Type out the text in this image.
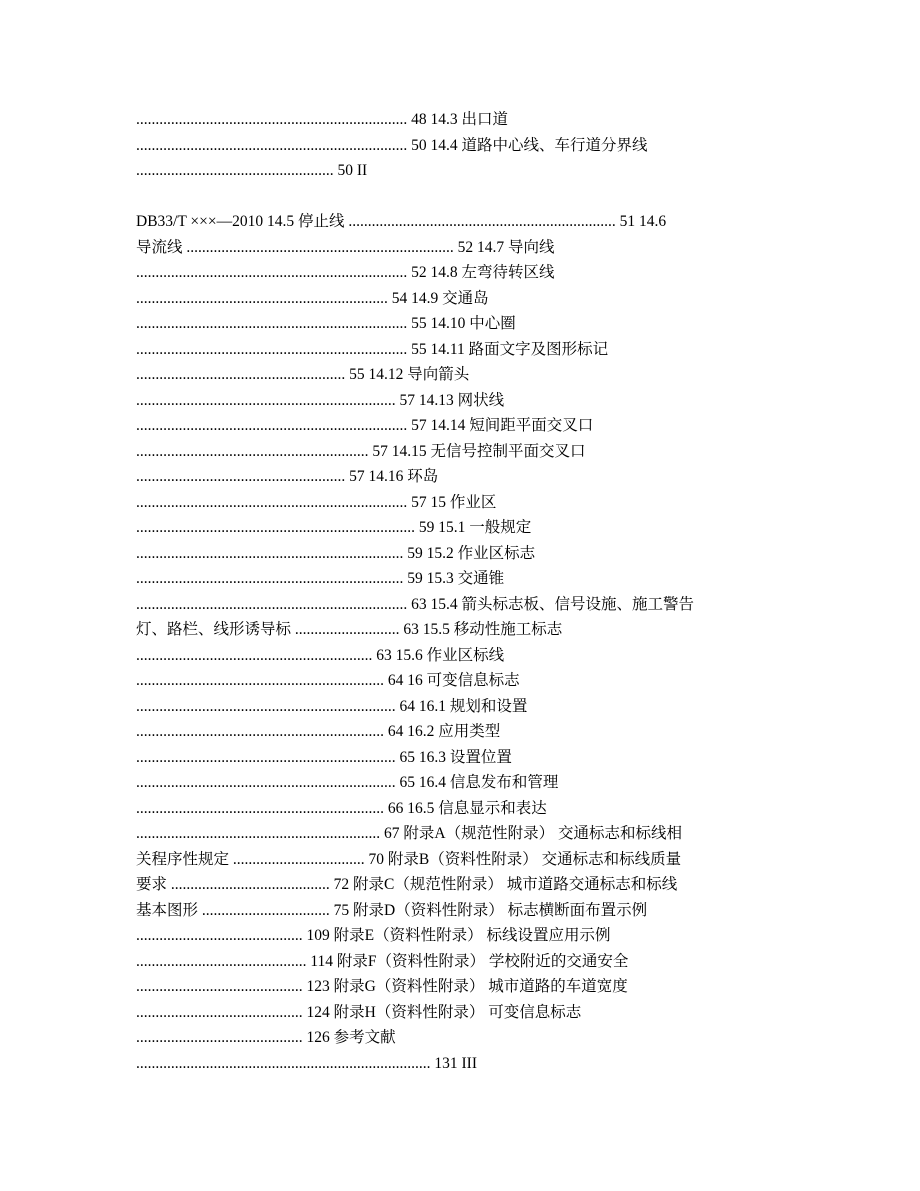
...................................................................... 48 14.3 出口道
...................................................................... 50 14.4 道路中心线、车行道分界线
................................................... 50 II
DB33/T ×××—2010 14.5 停止线 ..................................................................... 51 14.6
导流线 ..................................................................... 52 14.7 导向线
...................................................................... 52 14.8 左弯待转区线
................................................................. 54 14.9 交通岛
...................................................................... 55 14.10 中心圈
...................................................................... 55 14.11 路面文字及图形标记
...................................................... 55 14.12 导向箭头
................................................................... 57 14.13 网状线
...................................................................... 57 14.14 短间距平面交叉口
............................................................ 57 14.15 无信号控制平面交叉口
...................................................... 57 14.16 环岛
...................................................................... 57 15 作业区
........................................................................ 59 15.1 一般规定
..................................................................... 59 15.2 作业区标志
..................................................................... 59 15.3 交通锥
...................................................................... 63 15.4 箭头标志板、信号设施、施工警告
灯、路栏、线形诱导标 ........................... 63 15.5 移动性施工标志
............................................................. 63 15.6 作业区标线
................................................................ 64 16 可变信息标志
................................................................... 64 16.1 规划和设置
................................................................ 64 16.2 应用类型
................................................................... 65 16.3 设置位置
................................................................... 65 16.4 信息发布和管理
................................................................ 66 16.5 信息显示和表达
............................................................... 67 附录A（规范性附录） 交通标志和标线相
关程序性规定 .................................. 70 附录B（资料性附录） 交通标志和标线质量
要求 ......................................... 72 附录C（规范性附录） 城市道路交通标志和标线
基本图形 ................................. 75 附录D（资料性附录） 标志横断面布置示例
........................................... 109 附录E（资料性附录） 标线设置应用示例
............................................ 114 附录F（资料性附录） 学校附近的交通安全
........................................... 123 附录G（资料性附录） 城市道路的车道宽度
........................................... 124 附录H（资料性附录） 可变信息标志
........................................... 126 参考文献
............................................................................ 131 III
